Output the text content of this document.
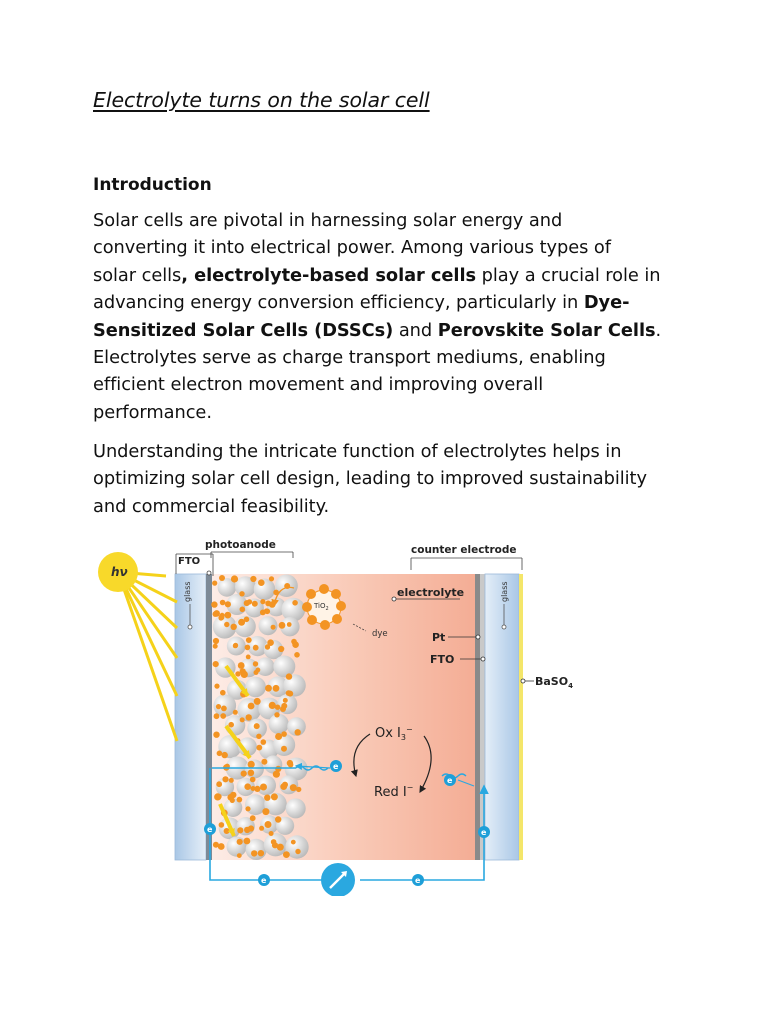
Electrolyte turns on the solar cell
Introduction
Solar cells are pivotal in harnessing solar energy and
converting it into electrical power. Among various types of
solar cells, electrolyte-based solar cells play a crucial role in
advancing energy conversion efficiency, particularly in Dye-
Sensitized Solar Cells (DSSCs) and Perovskite Solar Cells.
Electrolytes serve as charge transport mediums, enabling
efficient electron movement and improving overall
performance.
Understanding the intricate function of electrolytes helps in
optimizing solar cell design, leading to improved sustainability
and commercial feasibility.
hν
FTO
photoanode	counter electrode
glass	glass
electrolyte
TiO$_2$
dye	Pt
FTO
BaSO$_4$
Ox $I_3^-$
Red I−
e
e
e	e
e	e
